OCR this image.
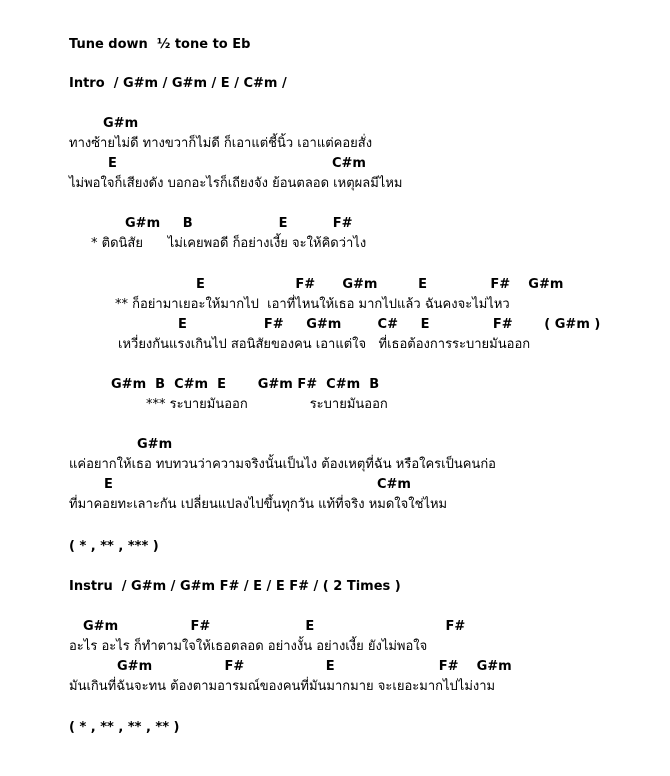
Tune down  ½ tone to Eb
Intro  / G#m / G#m / E / C#m /
G#m
ทางซ้ายไม่ดี ทางขวาก็ไม่ดี ก็เอาแต่ชี้นิ้ว เอาแต่คอยสั่ง
E	C#m
ไม่พอใจก็เสียงดัง บอกอะไรก็เถียงจัง ย้อนตลอด เหตุผลมีไหม
G#m     B                   E          F#
* ติดนิสัย      ไม่เคยพอดี ก็อย่างเงี้ย จะให้คิดว่าไง
E                    F#      G#m         E              F#    G#m
** ก็อย่ามาเยอะให้มากไป  เอาที่ไหนให้เธอ มากไปแล้ว ฉันคงจะไม่ไหว
E                 F#     G#m        C#     E              F#       ( G#m )
เหวี่ยงกันแรงเกินไป สอนิสัยของคน เอาแต่ใจ   ที่เธอต้องการระบายมันออก
G#m  B  C#m  E       G#m F#  C#m  B
*** ระบายมันออก               ระบายมันออก
G#m
แค่อยากให้เธอ ทบทวนว่าความจริงนั้นเป็นไง ต้องเหตุที่ฉัน หรือใครเป็นคนก่อ
E	C#m
ที่มาคอยทะเลาะกัน เปลี่ยนแปลงไปขึ้นทุกวัน แท้ที่จริง หมดใจใช่ไหม
( * , ** , *** )
Instru  / G#m / G#m F# / E / E F# / ( 2 Times )
G#m                F#                     E                             F#
อะไร อะไร ก็ทำตามใจให้เธอตลอด อย่างงั้น อย่างเงี้ย ยังไม่พอใจ
G#m                F#                  E                       F#    G#m
มันเกินที่ฉันจะทน ต้องตามอารมณ์ของคนที่มันมากมาย จะเยอะมากไปไม่งาม
( * , ** , ** , ** )
